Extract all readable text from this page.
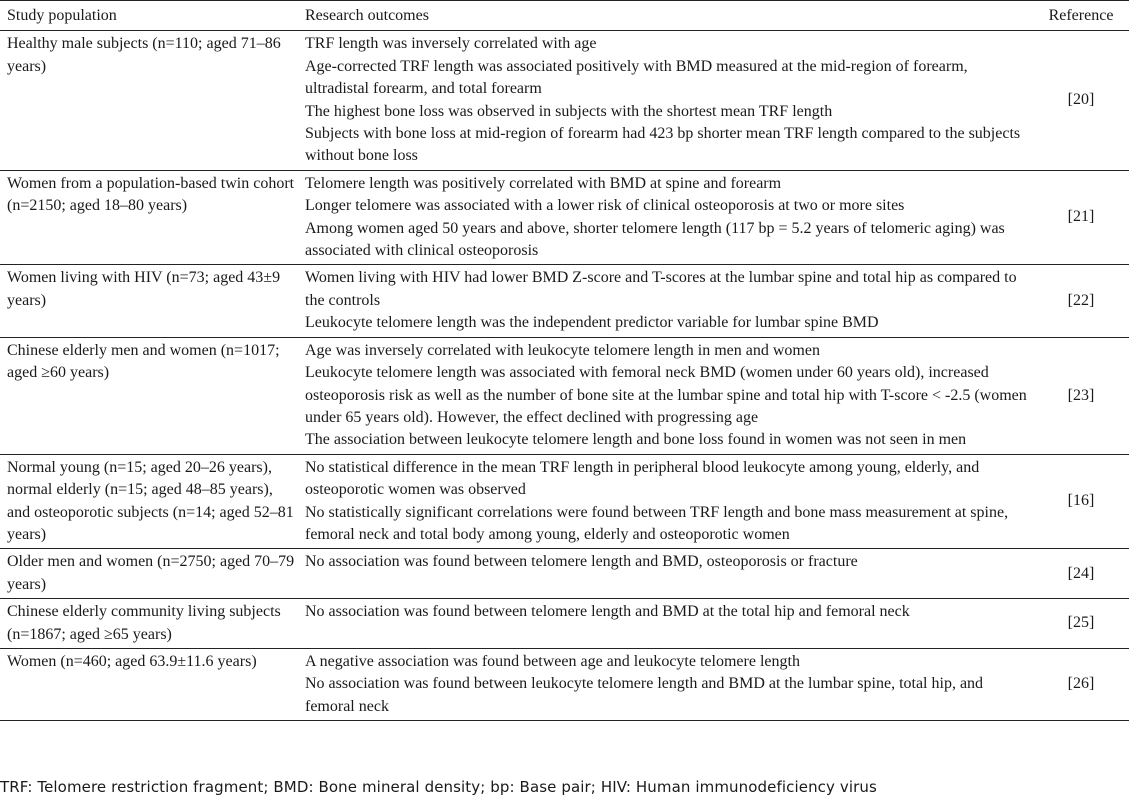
Study population	Research outcomes	Reference
Healthy male subjects (n=110; aged 71–86 years)	TRF length was inversely correlated with age
Age-corrected TRF length was associated positively with BMD measured at the mid-region of forearm, ultradistal forearm, and total forearm
The highest bone loss was observed in subjects with the shortest mean TRF length
Subjects with bone loss at mid-region of forearm had 423 bp shorter mean TRF length compared to the subjects without bone loss	[20]
Women from a population-based twin cohort (n=2150; aged 18–80 years)	Telomere length was positively correlated with BMD at spine and forearm
Longer telomere was associated with a lower risk of clinical osteoporosis at two or more sites
Among women aged 50 years and above, shorter telomere length (117 bp = 5.2 years of telomeric aging) was associated with clinical osteoporosis	[21]
Women living with HIV (n=73; aged 43±9 years)	Women living with HIV had lower BMD Z-score and T-scores at the lumbar spine and total hip as compared to the controls
Leukocyte telomere length was the independent predictor variable for lumbar spine BMD	[22]
Chinese elderly men and women (n=1017; aged ≥60 years)	Age was inversely correlated with leukocyte telomere length in men and women
Leukocyte telomere length was associated with femoral neck BMD (women under 60 years old), increased osteoporosis risk as well as the number of bone site at the lumbar spine and total hip with T-score < -2.5 (women under 65 years old). However, the effect declined with progressing age
The association between leukocyte telomere length and bone loss found in women was not seen in men	[23]
Normal young (n=15; aged 20–26 years), normal elderly (n=15; aged 48–85 years), and osteoporotic subjects (n=14; aged 52–81 years)	No statistical difference in the mean TRF length in peripheral blood leukocyte among young, elderly, and osteoporotic women was observed
No statistically significant correlations were found between TRF length and bone mass measurement at spine, femoral neck and total body among young, elderly and osteoporotic women	[16]
Older men and women (n=2750; aged 70–79 years)	No association was found between telomere length and BMD, osteoporosis or fracture	[24]
Chinese elderly community living subjects (n=1867; aged ≥65 years)	No association was found between telomere length and BMD at the total hip and femoral neck	[25]
Women (n=460; aged 63.9±11.6 years)	A negative association was found between age and leukocyte telomere length
No association was found between leukocyte telomere length and BMD at the lumbar spine, total hip, and femoral neck	[26]
TRF: Telomere restriction fragment; BMD: Bone mineral density; bp: Base pair; HIV: Human immunodeficiency virus
